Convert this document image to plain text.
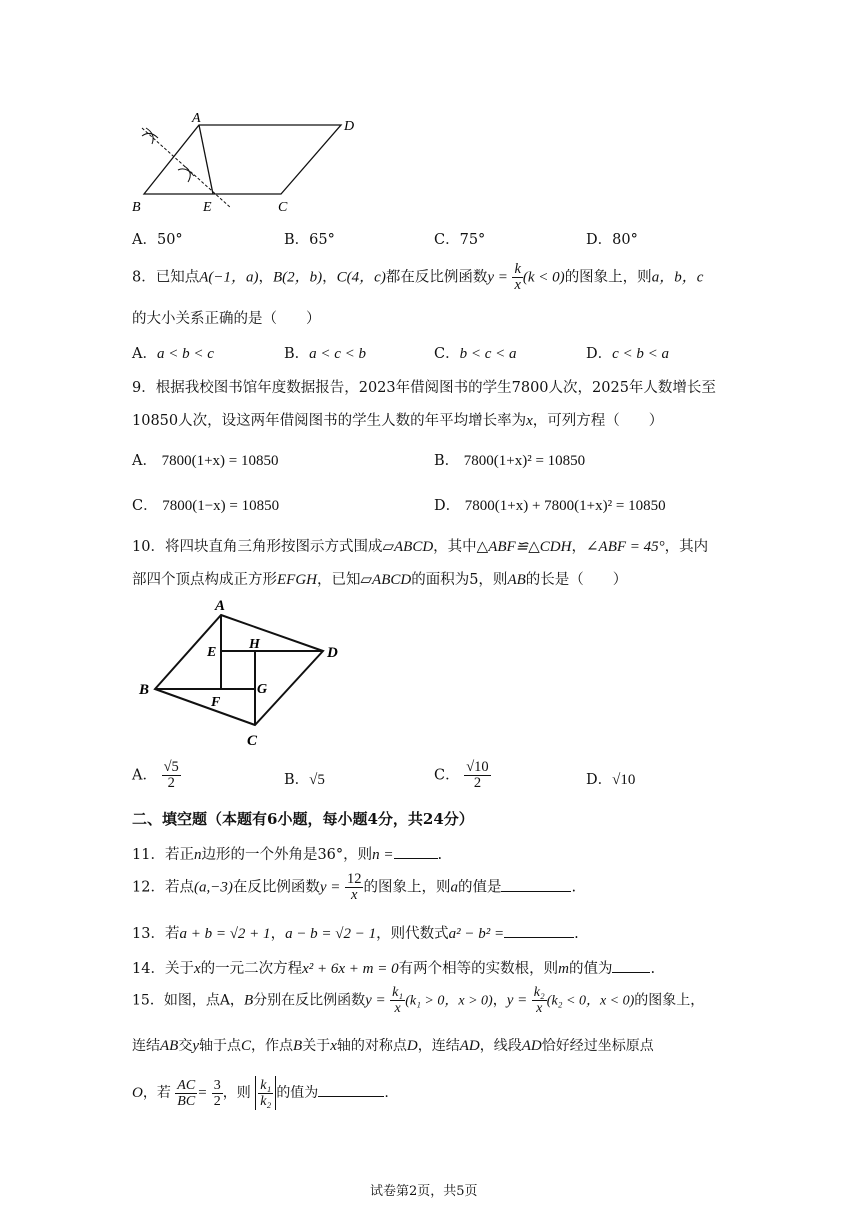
A
D
B	E	C
A．50°	B．65°	C．75°	D．80°
8．已知点A(−1，a)，B(2，b)，C(4，c)都在反比例函数$y = \frac{k}{x} (k < 0)$的图象上，则a，b，c
的大小关系正确的是（　　）
A．a < b < c	B．a < c < b	C．b < c < a	D．c < b < a
9．根据我校图书馆年度数据报告，2023年借阅图书的学生7800人次，2025年人数增长至
10850人次，设这两年借阅图书的学生人数的年平均增长率为x，可列方程（　　）
A． 7800(1+x) = 10850	B． 7800(1+x)² = 10850
C． 7800(1−x) = 10850	D． 7800(1+x) + 7800(1+x)² = 10850
10．将四块直角三角形按图示方式围成▱ABCD，其中△ABF≌△CDH，∠ABF = 45°，其内
部四个顶点构成正方形EFGH，已知▱ABCD的面积为5，则AB的长是（　　）
A
D
B
C
E
H
G
F
A． $\frac{√5}{2}$	B．√5	C． $\frac{√10}{2}$	D．√10
二、填空题（本题有6小题，每小题4分，共24分）
11．若正n边形的一个外角是36°，则n =	.
12．若点(a,−3)在反比例函数$y = \frac{12}{x}$ 的图象上，则a的值是	.
13．若a + b = √2 + 1，a − b = √2 − 1，则代数式a² − b² =	.
14．关于x的一元二次方程x² + 6x + m = 0有两个相等的实数根，则m的值为	.
15．如图，点A，B分别在反比例函数$y = \frac{\text{k₁}}{x} (k_1 > 0$，x > 0)，$y = \frac{\text{k₂}}{x} (k_2 < 0$，x < 0)的图象上，
连结AB交y轴于点C，作点B关于x轴的对称点D，连结AD，线段AD恰好经过坐标原点
O，若 $\frac{AC}{BC} = \frac{3}{2}$ ，则 $\frac{\text{k₁}}{\text{k₂}}$ 的值为	.
试卷第2页，共5页
